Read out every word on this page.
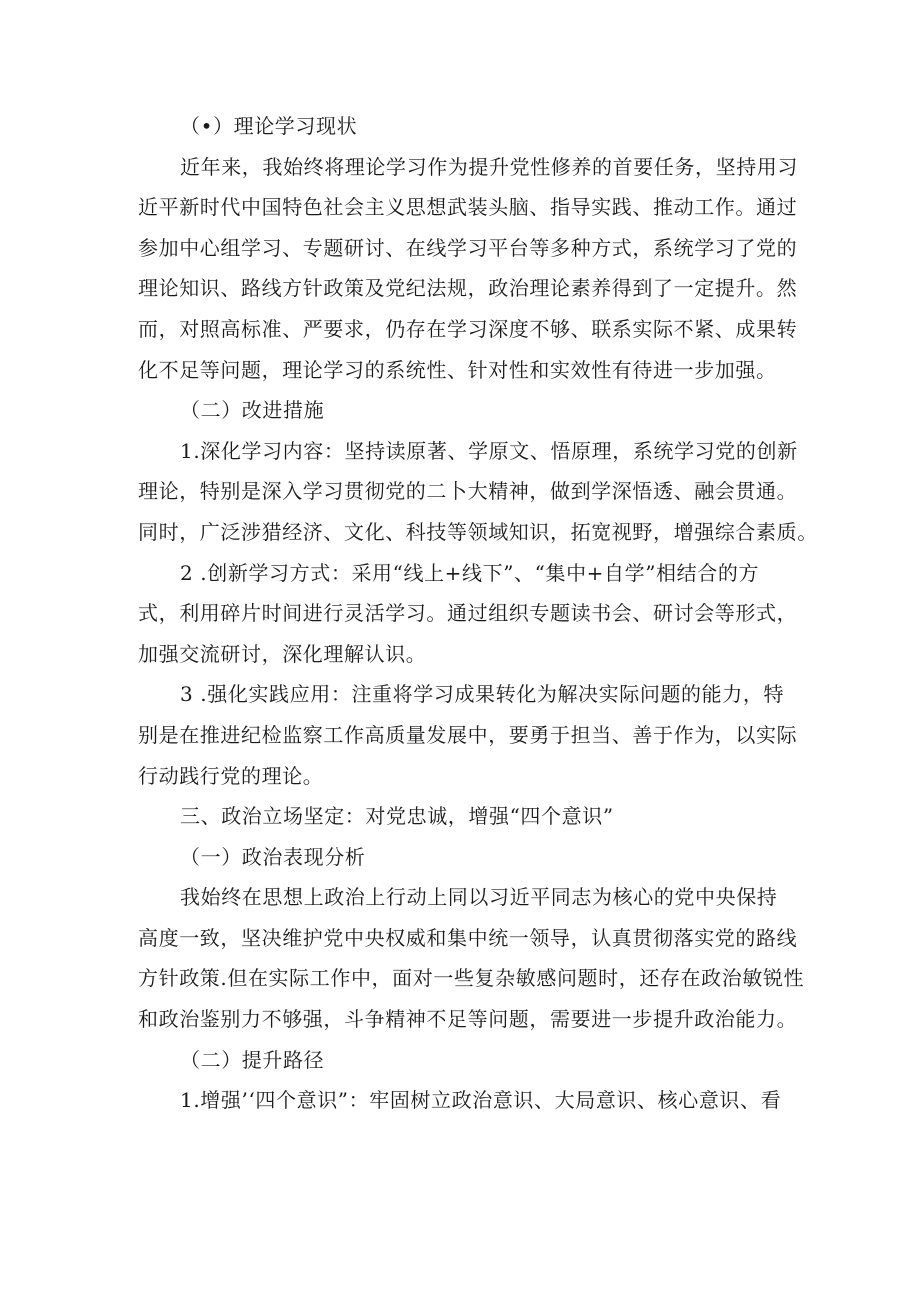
（•）理论学习现状
近年来，我始终将理论学习作为提升党性修养的首要任务，坚持用习
近平新时代中国特色社会主义思想武装头脑、指导实践、推动工作。通过
参加中心组学习、专题研讨、在线学习平台等多种方式，系统学习了党的
理论知识、路线方针政策及党纪法规，政治理论素养得到了一定提升。然
而，对照高标准、严要求，仍存在学习深度不够、联系实际不紧、成果转
化不足等问题，理论学习的系统性、针对性和实效性有待进一步加强。
（二）改进措施
1.深化学习内容：坚持读原著、学原文、悟原理，系统学习党的创新
理论，特别是深入学习贯彻党的二卜大精神，做到学深悟透、融会贯通。
同时，广泛涉猎经济、文化、科技等领域知识，拓宽视野，增强综合素质。
2 .创新学习方式：采用“线上+线下”、“集中+自学”相结合的方
式，利用碎片时间进行灵活学习。通过组织专题读书会、研讨会等形式，
加强交流研讨，深化理解认识。
3 .强化实践应用：注重将学习成果转化为解决实际问题的能力，特
别是在推进纪检监察工作高质量发展中，要勇于担当、善于作为，以实际
行动践行党的理论。
三、政治立场坚定：对党忠诚，增强“四个意识”
（一）政治表现分析
我始终在思想上政治上行动上同以习近平同志为核心的党中央保持
高度一致，坚决维护党中央权威和集中统一领导，认真贯彻落实党的路线
方针政策.但在实际工作中，面对一些复杂敏感问题时，还存在政治敏锐性
和政治鉴别力不够强，斗争精神不足等问题，需要进一步提升政治能力。
（二）提升路径
1.增强’‘四个意识”：牢固树立政治意识、大局意识、核心意识、看
